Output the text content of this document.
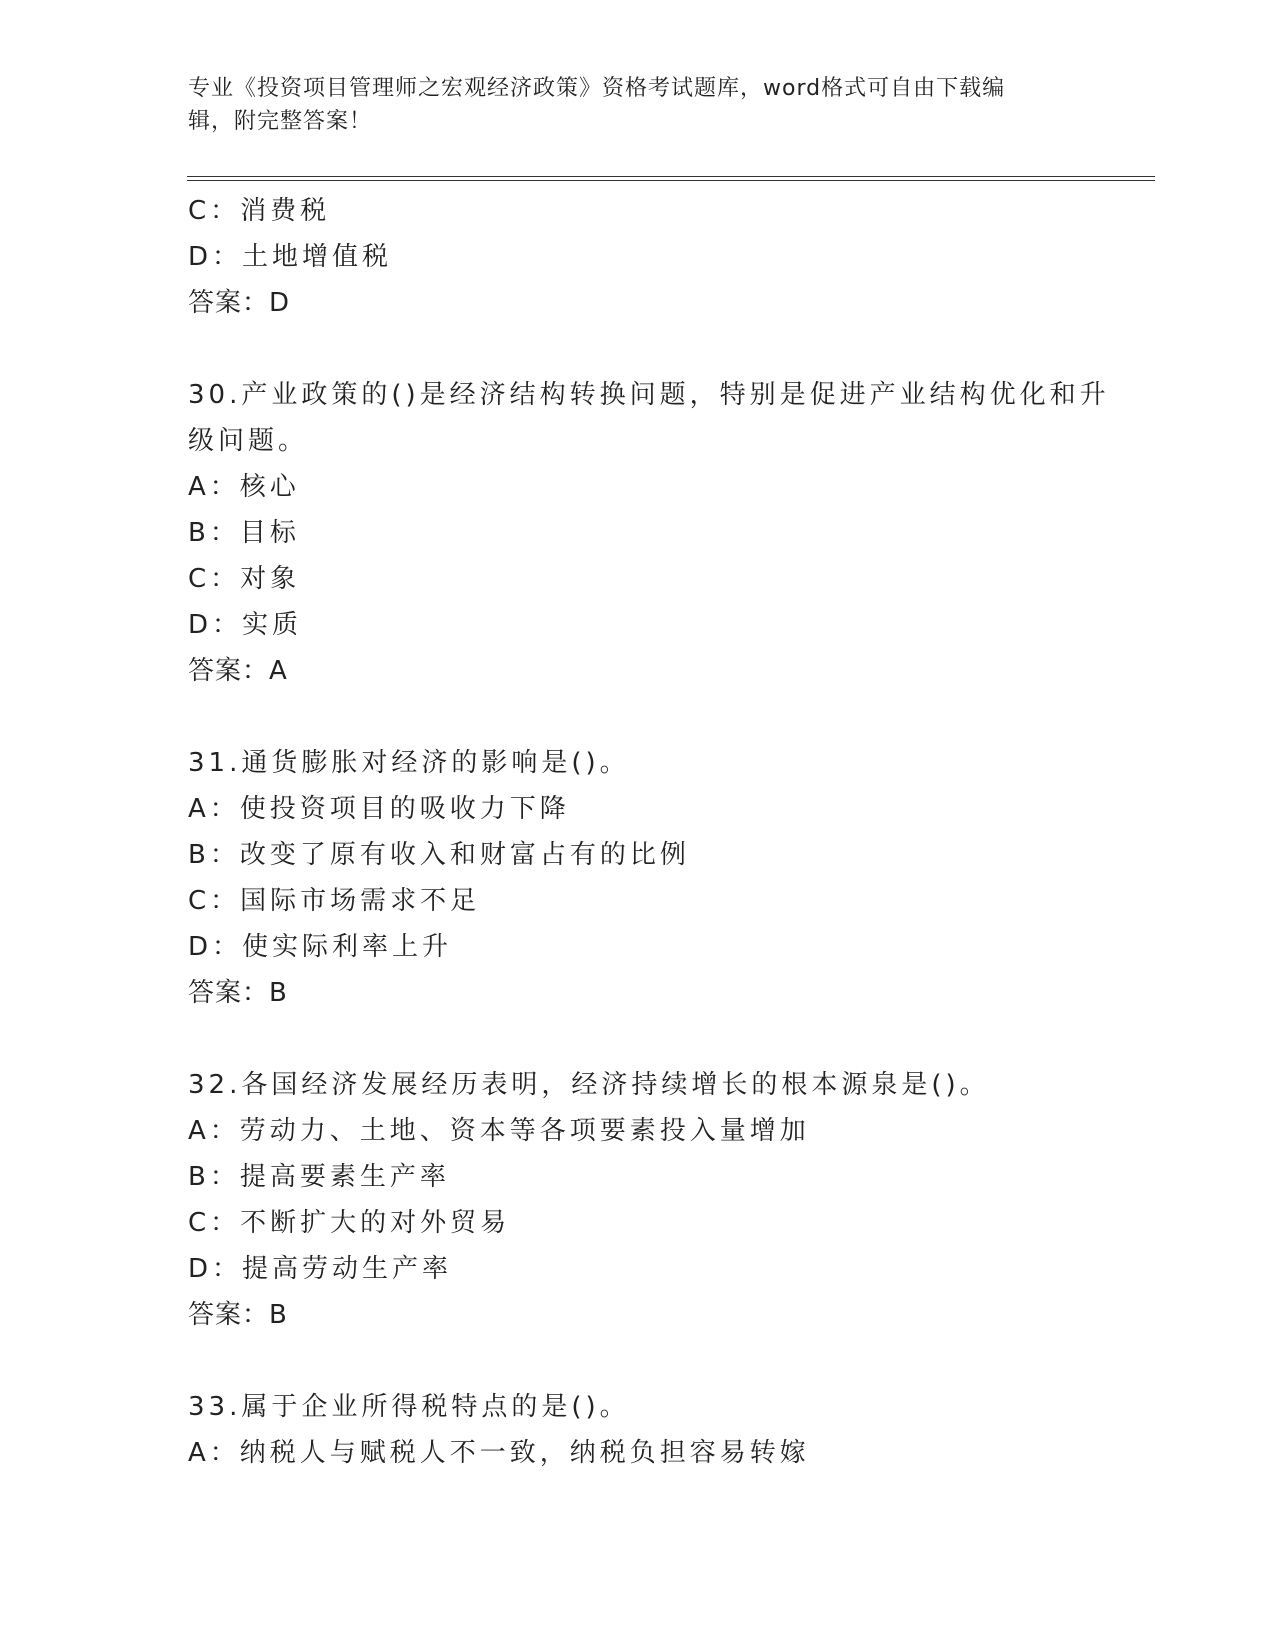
专业《投资项目管理师之宏观经济政策》资格考试题库，word格式可自由下载编
辑，附完整答案！
C：消费税
D：土地增值税
答案：D
30.产业政策的()是经济结构转换问题，特别是促进产业结构优化和升
级问题。
A：核心
B：目标
C：对象
D：实质
答案：A
31.通货膨胀对经济的影响是()。
A：使投资项目的吸收力下降
B：改变了原有收入和财富占有的比例
C：国际市场需求不足
D：使实际利率上升
答案：B
32.各国经济发展经历表明，经济持续增长的根本源泉是()。
A：劳动力、土地、资本等各项要素投入量增加
B：提高要素生产率
C：不断扩大的对外贸易
D：提高劳动生产率
答案：B
33.属于企业所得税特点的是()。
A：纳税人与赋税人不一致，纳税负担容易转嫁
